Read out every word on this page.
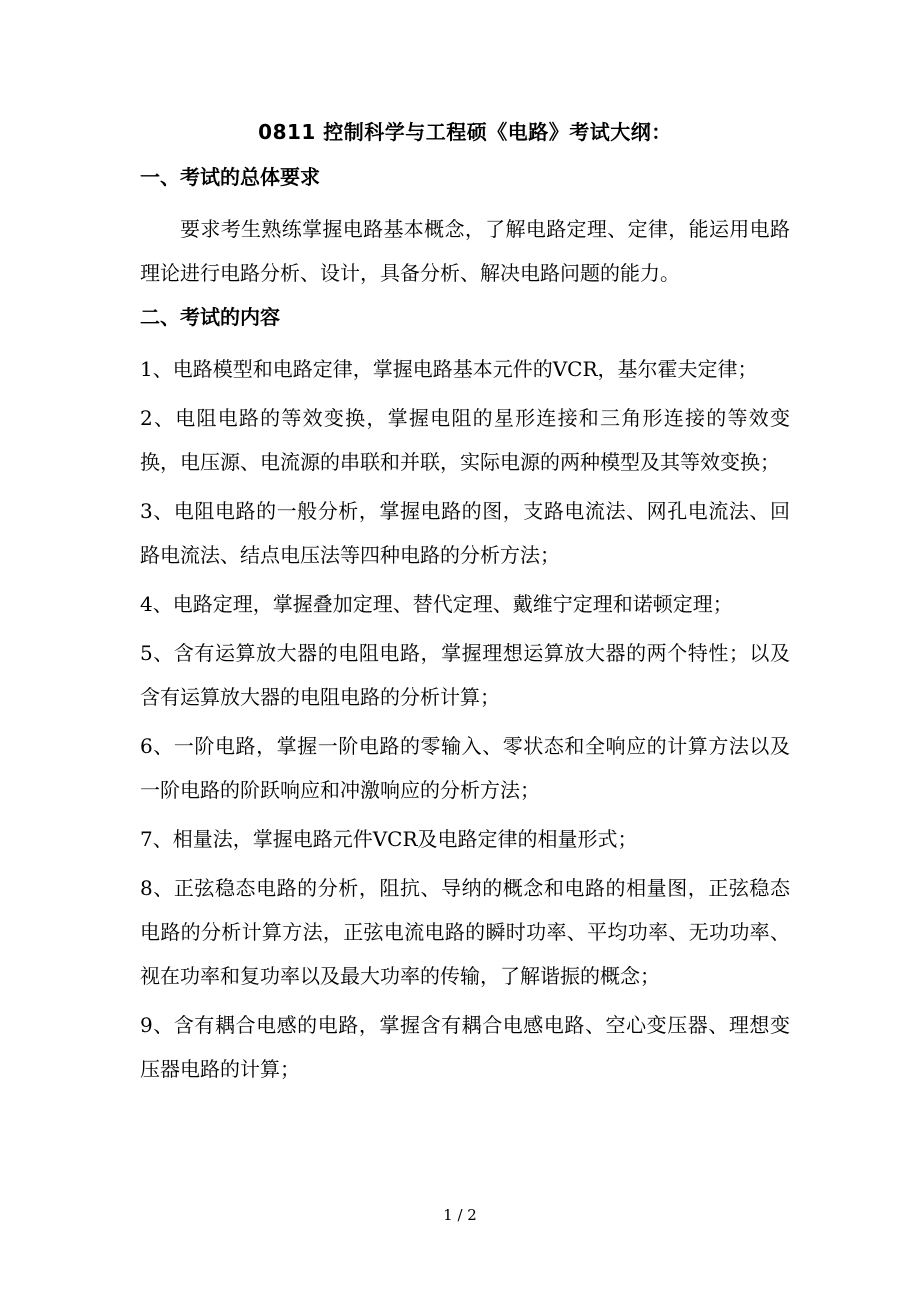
0811 控制科学与工程硕《电路》考试大纲：
一、考试的总体要求

要求考生熟练掌握电路基本概念，了解电路定理、定律，能运用电路理论进行电路分析、设计，具备分析、解决电路问题的能力。

二、考试的内容

1、电路模型和电路定律，掌握电路基本元件的VCR，基尔霍夫定律；

2、电阻电路的等效变换，掌握电阻的星形连接和三角形连接的等效变换，电压源、电流源的串联和并联，实际电源的两种模型及其等效变换；

3、电阻电路的一般分析，掌握电路的图，支路电流法、网孔电流法、回路电流法、结点电压法等四种电路的分析方法；

4、电路定理，掌握叠加定理、替代定理、戴维宁定理和诺顿定理；

5、含有运算放大器的电阻电路，掌握理想运算放大器的两个特性；以及含有运算放大器的电阻电路的分析计算；

6、一阶电路，掌握一阶电路的零输入、零状态和全响应的计算方法以及一阶电路的阶跃响应和冲激响应的分析方法；

7、相量法，掌握电路元件VCR及电路定律的相量形式；

8、正弦稳态电路的分析，阻抗、导纳的概念和电路的相量图，正弦稳态电路的分析计算方法，正弦电流电路的瞬时功率、平均功率、无功功率、视在功率和复功率以及最大功率的传输，了解谐振的概念；

9、含有耦合电感的电路，掌握含有耦合电感电路、空心变压器、理想变压器电路的计算；

1 / 2
